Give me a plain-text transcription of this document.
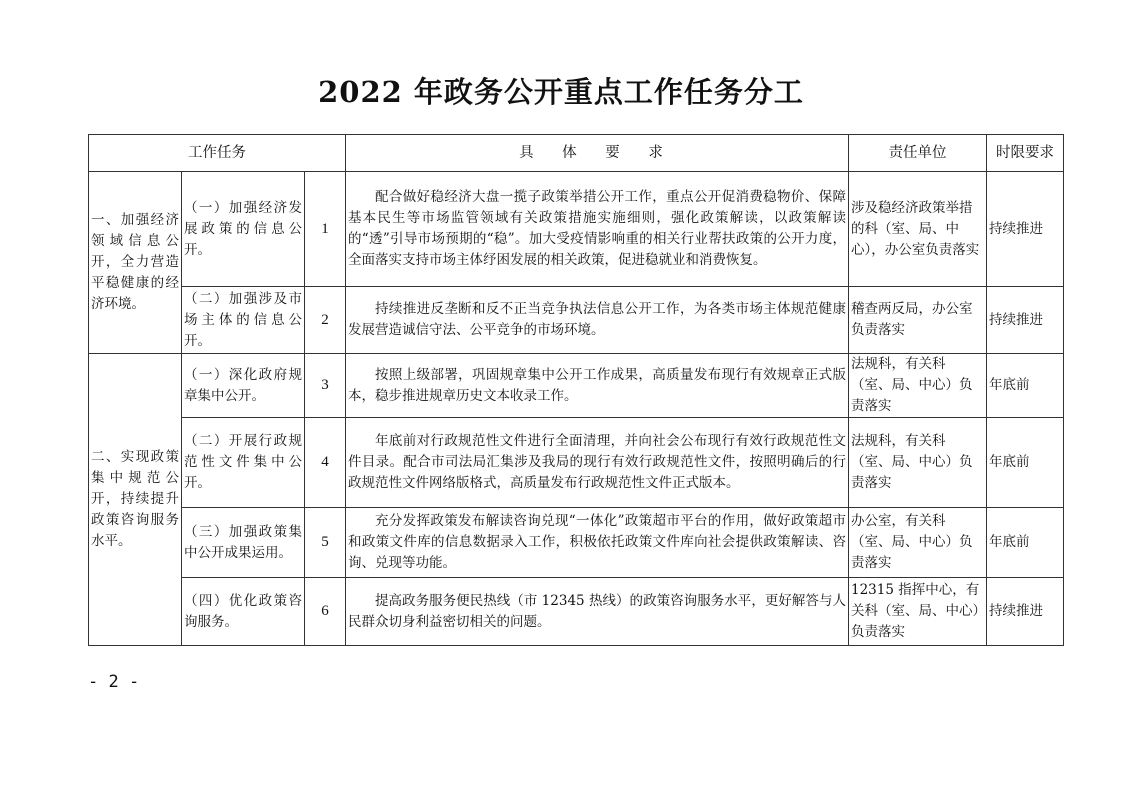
2022 年政务公开重点工作任务分工
工作任务			具 体 要 求	责任单位	时限要求
一、加强经济领域信息公开，全力营造平稳健康的经济环境。	（一）加强经济发展政策的信息公开。	1	配合做好稳经济大盘一揽子政策举措公开工作，重点公开促消费稳物价、保障基本民生等市场监管领域有关政策措施实施细则，强化政策解读，以政策解读的“透”引导市场预期的“稳”。加大受疫情影响重的相关行业帮扶政策的公开力度，全面落实支持市场主体纾困发展的相关政策，促进稳就业和消费恢复。	涉及稳经济政策举措的科（室、局、中心），办公室负责落实	持续推进
	（二）加强涉及市场主体的信息公开。	2	持续推进反垄断和反不正当竞争执法信息公开工作，为各类市场主体规范健康发展营造诚信守法、公平竞争的市场环境。	稽查两反局，办公室负责落实	持续推进
二、实现政策集中规范公开，持续提升政策咨询服务水平。	（一）深化政府规章集中公开。	3	按照上级部署，巩固规章集中公开工作成果，高质量发布现行有效规章正式版本，稳步推进规章历史文本收录工作。	法规科，有关科（室、局、中心）负责落实	年底前
	（二）开展行政规范性文件集中公开。	4	年底前对行政规范性文件进行全面清理，并向社会公布现行有效行政规范性文件目录。配合市司法局汇集涉及我局的现行有效行政规范性文件，按照明确后的行政规范性文件网络版格式，高质量发布行政规范性文件正式版本。	法规科，有关科（室、局、中心）负责落实	年底前
	（三）加强政策集中公开成果运用。	5	充分发挥政策发布解读咨询兑现“一体化”政策超市平台的作用，做好政策超市和政策文件库的信息数据录入工作，积极依托政策文件库向社会提供政策解读、咨询、兑现等功能。	办公室，有关科（室、局、中心）负责落实	年底前
	（四）优化政策咨询服务。	6	提高政务服务便民热线（市 12345 热线）的政策咨询服务水平，更好解答与人民群众切身利益密切相关的问题。	12315 指挥中心，有关科（室、局、中心）负责落实	持续推进
- 2 -
